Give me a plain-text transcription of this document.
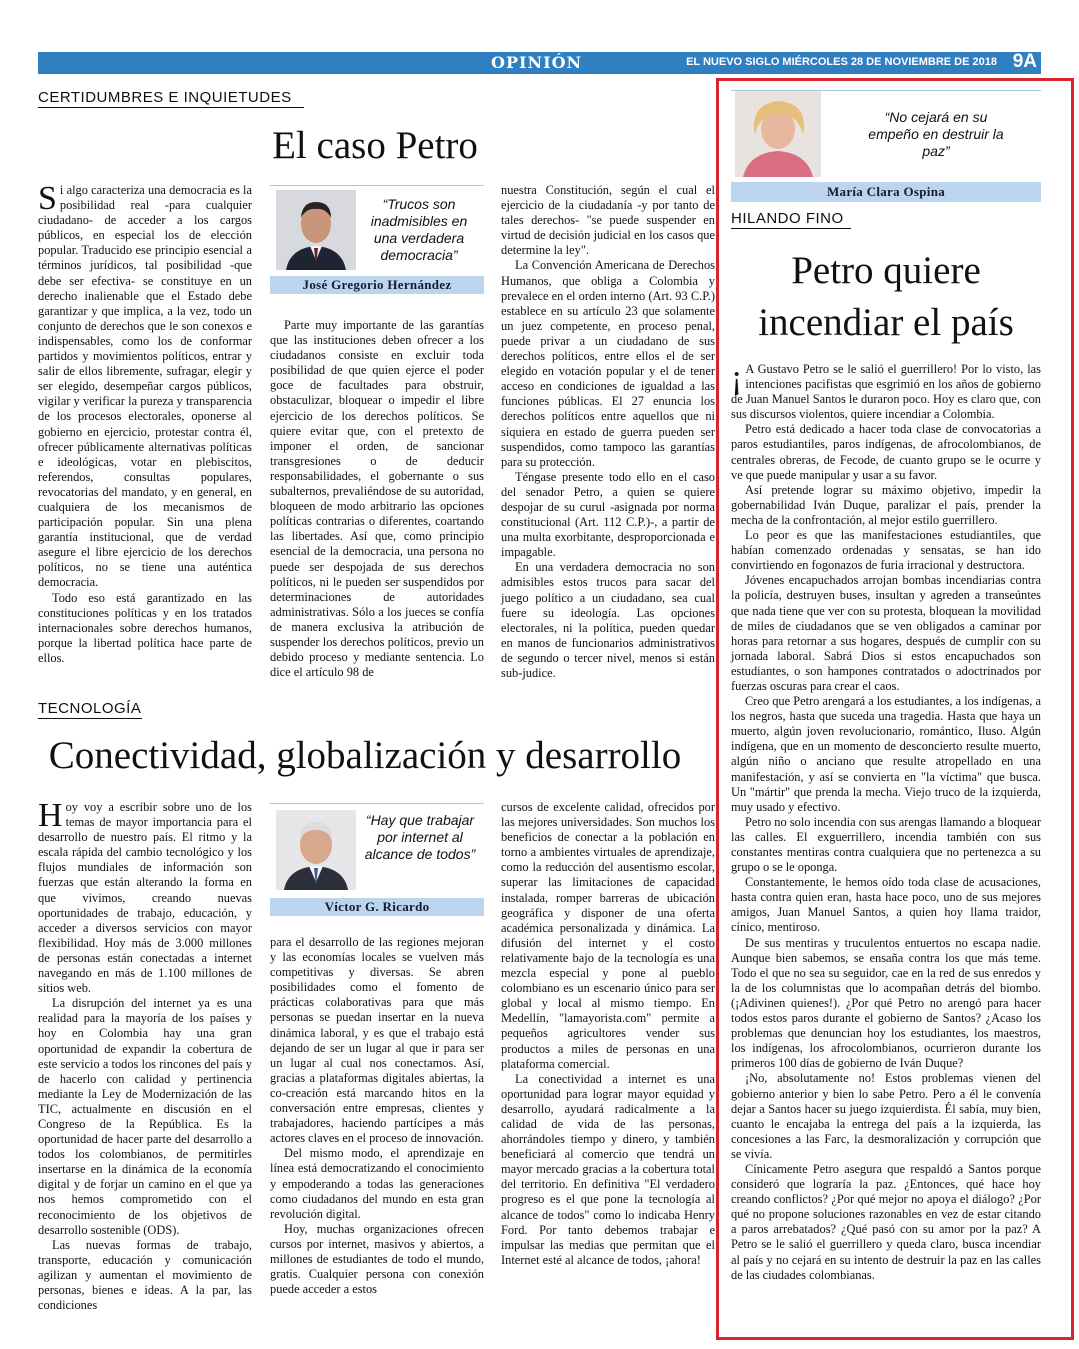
OPINIÓN	EL NUEVO SIGLO MIÉRCOLES 28 DE NOVIEMBRE DE 2018 9A
CERTIDUMBRES E INQUIETUDES
El caso Petro

Si algo caracteriza una democracia es la posibilidad real -para cualquier ciudadano- de acceder a los cargos públicos, en especial los de elección popular. Traducido ese principio esencial a términos jurídicos, tal posibilidad -que debe ser efectiva- se constituye en un derecho inalienable que el Estado debe garantizar y que implica, a la vez, todo un conjunto de derechos que le son conexos e indispensables, como los de conformar partidos y movimientos políticos, entrar y salir de ellos libremente, sufragar, elegir y ser elegido, desempeñar cargos públicos, vigilar y verificar la pureza y transparencia de los procesos electorales, oponerse al gobierno en ejercicio, protestar contra él, ofrecer públicamente alternativas políticas e ideológicas, votar en plebiscitos, referendos, consultas populares, revocatorias del mandato, y en general, en cualquiera de los mecanismos de participación popular. Sin una plena garantía institucional, que de verdad asegure el libre ejercicio de los derechos políticos, no se tiene una auténtica democracia.

Todo eso está garantizado en las constituciones políticas y en los tratados internacionales sobre derechos humanos, porque la libertad política hace parte de ellos.

“Trucos son inadmisibles en una verdadera democracia”
José Gregorio Hernández

Parte muy importante de las garantías que las instituciones deben ofrecer a los ciudadanos consiste en excluir toda posibilidad de que quien ejerce el poder goce de facultades para obstruir, obstaculizar, bloquear o impedir el libre ejercicio de los derechos políticos. Se quiere evitar que, con el pretexto de imponer el orden, de sancionar transgresiones o de deducir responsabilidades, el gobernante o sus subalternos, prevaliéndose de su autoridad, bloqueen de modo arbitrario las opciones políticas contrarias o diferentes, coartando las libertades. Así que, como principio esencial de la democracia, una persona no puede ser despojada de sus derechos políticos, ni le pueden ser suspendidos por determinaciones de autoridades administrativas. Sólo a los jueces se confía de manera exclusiva la atribución de suspender los derechos políticos, previo un debido proceso y mediante sentencia. Lo dice el artículo 98 de

nuestra Constitución, según el cual el ejercicio de la ciudadanía -y por tanto de tales derechos- "se puede suspender en virtud de decisión judicial en los casos que determine la ley".

La Convención Americana de Derechos Humanos, que obliga a Colombia y prevalece en el orden interno (Art. 93 C.P.) establece en su artículo 23 que solamente un juez competente, en proceso penal, puede privar a un ciudadano de sus derechos políticos, entre ellos el de ser elegido en votación popular y el de tener acceso en condiciones de igualdad a las funciones públicas. El 27 enuncia los derechos políticos entre aquellos que ni siquiera en estado de guerra pueden ser suspendidos, como tampoco las garantías para su protección.

Téngase presente todo ello en el caso del senador Petro, a quien se quiere despojar de su curul -asignada por norma constitucional (Art. 112 C.P.)-, a partir de una multa exorbitante, desproporcionada e impagable.

En una verdadera democracia no son admisibles estos trucos para sacar del juego político a un ciudadano, sea cual fuere su ideología. Las opciones electorales, ni la política, pueden quedar en manos de funcionarios administrativos de segundo o tercer nivel, menos si están sub-judice.

TECNOLOGÍA
Conectividad, globalización y desarrollo

Hoy voy a escribir sobre uno de los temas de mayor importancia para el desarrollo de nuestro país. El ritmo y la escala rápida del cambio tecnológico y los flujos mundiales de información son fuerzas que están alterando la forma en que vivimos, creando nuevas oportunidades de trabajo, educación, y acceder a diversos servicios con mayor flexibilidad. Hoy más de 3.000 millones de personas están conectadas a internet navegando en más de 1.100 millones de sitios web.

La disrupción del internet ya es una realidad para la mayoría de los países y hoy en Colombia hay una gran oportunidad de expandir la cobertura de este servicio a todos los rincones del país y de hacerlo con calidad y pertinencia mediante la Ley de Modernización de las TIC, actualmente en discusión en el Congreso de la República. Es la oportunidad de hacer parte del desarrollo a todos los colombianos, de permitirles insertarse en la dinámica de la economía digital y de forjar un camino en el que ya nos hemos comprometido con el reconocimiento de los objetivos de desarrollo sostenible (ODS).

Las nuevas formas de trabajo, transporte, educación y comunicación agilizan y aumentan el movimiento de personas, bienes e ideas. A la par, las condiciones

“Hay que trabajar por internet al alcance de todos”
Víctor G. Ricardo

para el desarrollo de las regiones mejoran y las economías locales se vuelven más competitivas y diversas. Se abren posibilidades como el fomento de prácticas colaborativas para que más personas se puedan insertar en la nueva dinámica laboral, y es que el trabajo está dejando de ser un lugar al que ir para ser un lugar al cual nos conectamos. Así, gracias a plataformas digitales abiertas, la co-creación está marcando hitos en la conversación entre empresas, clientes y trabajadores, haciendo partícipes a más actores claves en el proceso de innovación.

Del mismo modo, el aprendizaje en línea está democratizando el conocimiento y empoderando a todas las generaciones como ciudadanos del mundo en esta gran revolución digital.

Hoy, muchas organizaciones ofrecen cursos por internet, masivos y abiertos, a millones de estudiantes de todo el mundo, gratis. Cualquier persona con conexión puede acceder a estos

cursos de excelente calidad, ofrecidos por las mejores universidades. Son muchos los beneficios de conectar a la población en torno a ambientes virtuales de aprendizaje, como la reducción del ausentismo escolar, superar las limitaciones de capacidad instalada, romper barreras de ubicación geográfica y disponer de una oferta académica personalizada y dinámica. La difusión del internet y el costo relativamente bajo de la tecnología es una mezcla especial y pone al pueblo colombiano es un escenario único para ser global y local al mismo tiempo. En Medellín, "lamayorista.com" permite a pequeños agricultores vender sus productos a miles de personas en una plataforma comercial.

La conectividad a internet es una oportunidad para lograr mayor equidad y desarrollo, ayudará radicalmente a la calidad de vida de las personas, ahorrándoles tiempo y dinero, y también beneficiará al comercio que tendrá un mayor mercado gracias a la cobertura total del territorio. En definitiva "El verdadero progreso es el que pone la tecnología al alcance de todos" como lo indicaba Henry Ford. Por tanto debemos trabajar e impulsar las medias que permitan que el Internet esté al alcance de todos, ¡ahora!

“No cejará en su empeño en destruir la paz”
María Clara Ospina
HILANDO FINO
Petro quiere incendiar el país

¡ A Gustavo Petro se le salió el guerrillero! Por lo visto, las intenciones pacifistas que esgrimió en los años de gobierno de Juan Manuel Santos le duraron poco. Hoy es claro que, con sus discursos violentos, quiere incendiar a Colombia.

Petro está dedicado a hacer toda clase de convocatorias a paros estudiantiles, paros indígenas, de afrocolombianos, de centrales obreras, de Fecode, de cuanto grupo se le ocurre y ve que puede manipular y usar a su favor.

Así pretende lograr su máximo objetivo, impedir la gobernabilidad Iván Duque, paralizar el país, prender la mecha de la confrontación, al mejor estilo guerrillero.

Lo peor es que las manifestaciones estudiantiles, que habían comenzado ordenadas y sensatas, se han ido convirtiendo en fogonazos de furia irracional y destructora.

Jóvenes encapuchados arrojan bombas incendiarias contra la policía, destruyen buses, insultan y agreden a transeúntes que nada tiene que ver con su protesta, bloquean la movilidad de miles de ciudadanos que se ven obligados a caminar por horas para retornar a sus hogares, después de cumplir con su jornada laboral. Sabrá Dios si estos encapuchados son estudiantes, o son hampones contratados o adoctrinados por fuerzas oscuras para crear el caos.

Creo que Petro arengará a los estudiantes, a los indígenas, a los negros, hasta que suceda una tragedia. Hasta que haya un muerto, algún joven revolucionario, romántico, Iluso. Algún indígena, que en un momento de desconcierto resulte muerto, algún niño o anciano que resulte atropellado en una manifestación, y así se convierta en "la víctima" que busca. Un "mártir" que prenda la mecha. Viejo truco de la izquierda, muy usado y efectivo.

Petro no solo incendia con sus arengas llamando a bloquear las calles. El exguerrillero, incendia también con sus constantes mentiras contra cualquiera que no pertenezca a su grupo o se le oponga.

Constantemente, le hemos oído toda clase de acusaciones, hasta contra quien eran, hasta hace poco, uno de sus mejores amigos, Juan Manuel Santos, a quien hoy llama traidor, cínico, mentiroso.

De sus mentiras y truculentos entuertos no escapa nadie. Aunque bien sabemos, se ensaña contra los que más teme. Todo el que no sea su seguidor, cae en la red de sus enredos y la de los columnistas que lo acompañan detrás del biombo. (¡Adivinen quienes!). ¿Por qué Petro no arengó para hacer todos estos paros durante el gobierno de Santos? ¿Acaso los problemas que denuncian hoy los estudiantes, los maestros, los indígenas, los afrocolombianos, ocurrieron durante los primeros 100 días de gobierno de Iván Duque?

¡No, absolutamente no! Estos problemas vienen del gobierno anterior y bien lo sabe Petro. Pero a él le convenía dejar a Santos hacer su juego izquierdista. Él sabía, muy bien, cuanto le encajaba la entrega del país a la izquierda, las concesiones a las Farc, la desmoralización y corrupción que se vivía.

Cínicamente Petro asegura que respaldó a Santos porque consideró que lograría la paz. ¿Entonces, qué hace hoy creando conflictos? ¿Por qué mejor no apoya el diálogo? ¿Por qué no propone soluciones razonables en vez de estar citando a paros arrebatados? ¿Qué pasó con su amor por la paz? A Petro se le salió el guerrillero y queda claro, busca incendiar al país y no cejará en su intento de destruir la paz en las calles de las ciudades colombianas.
